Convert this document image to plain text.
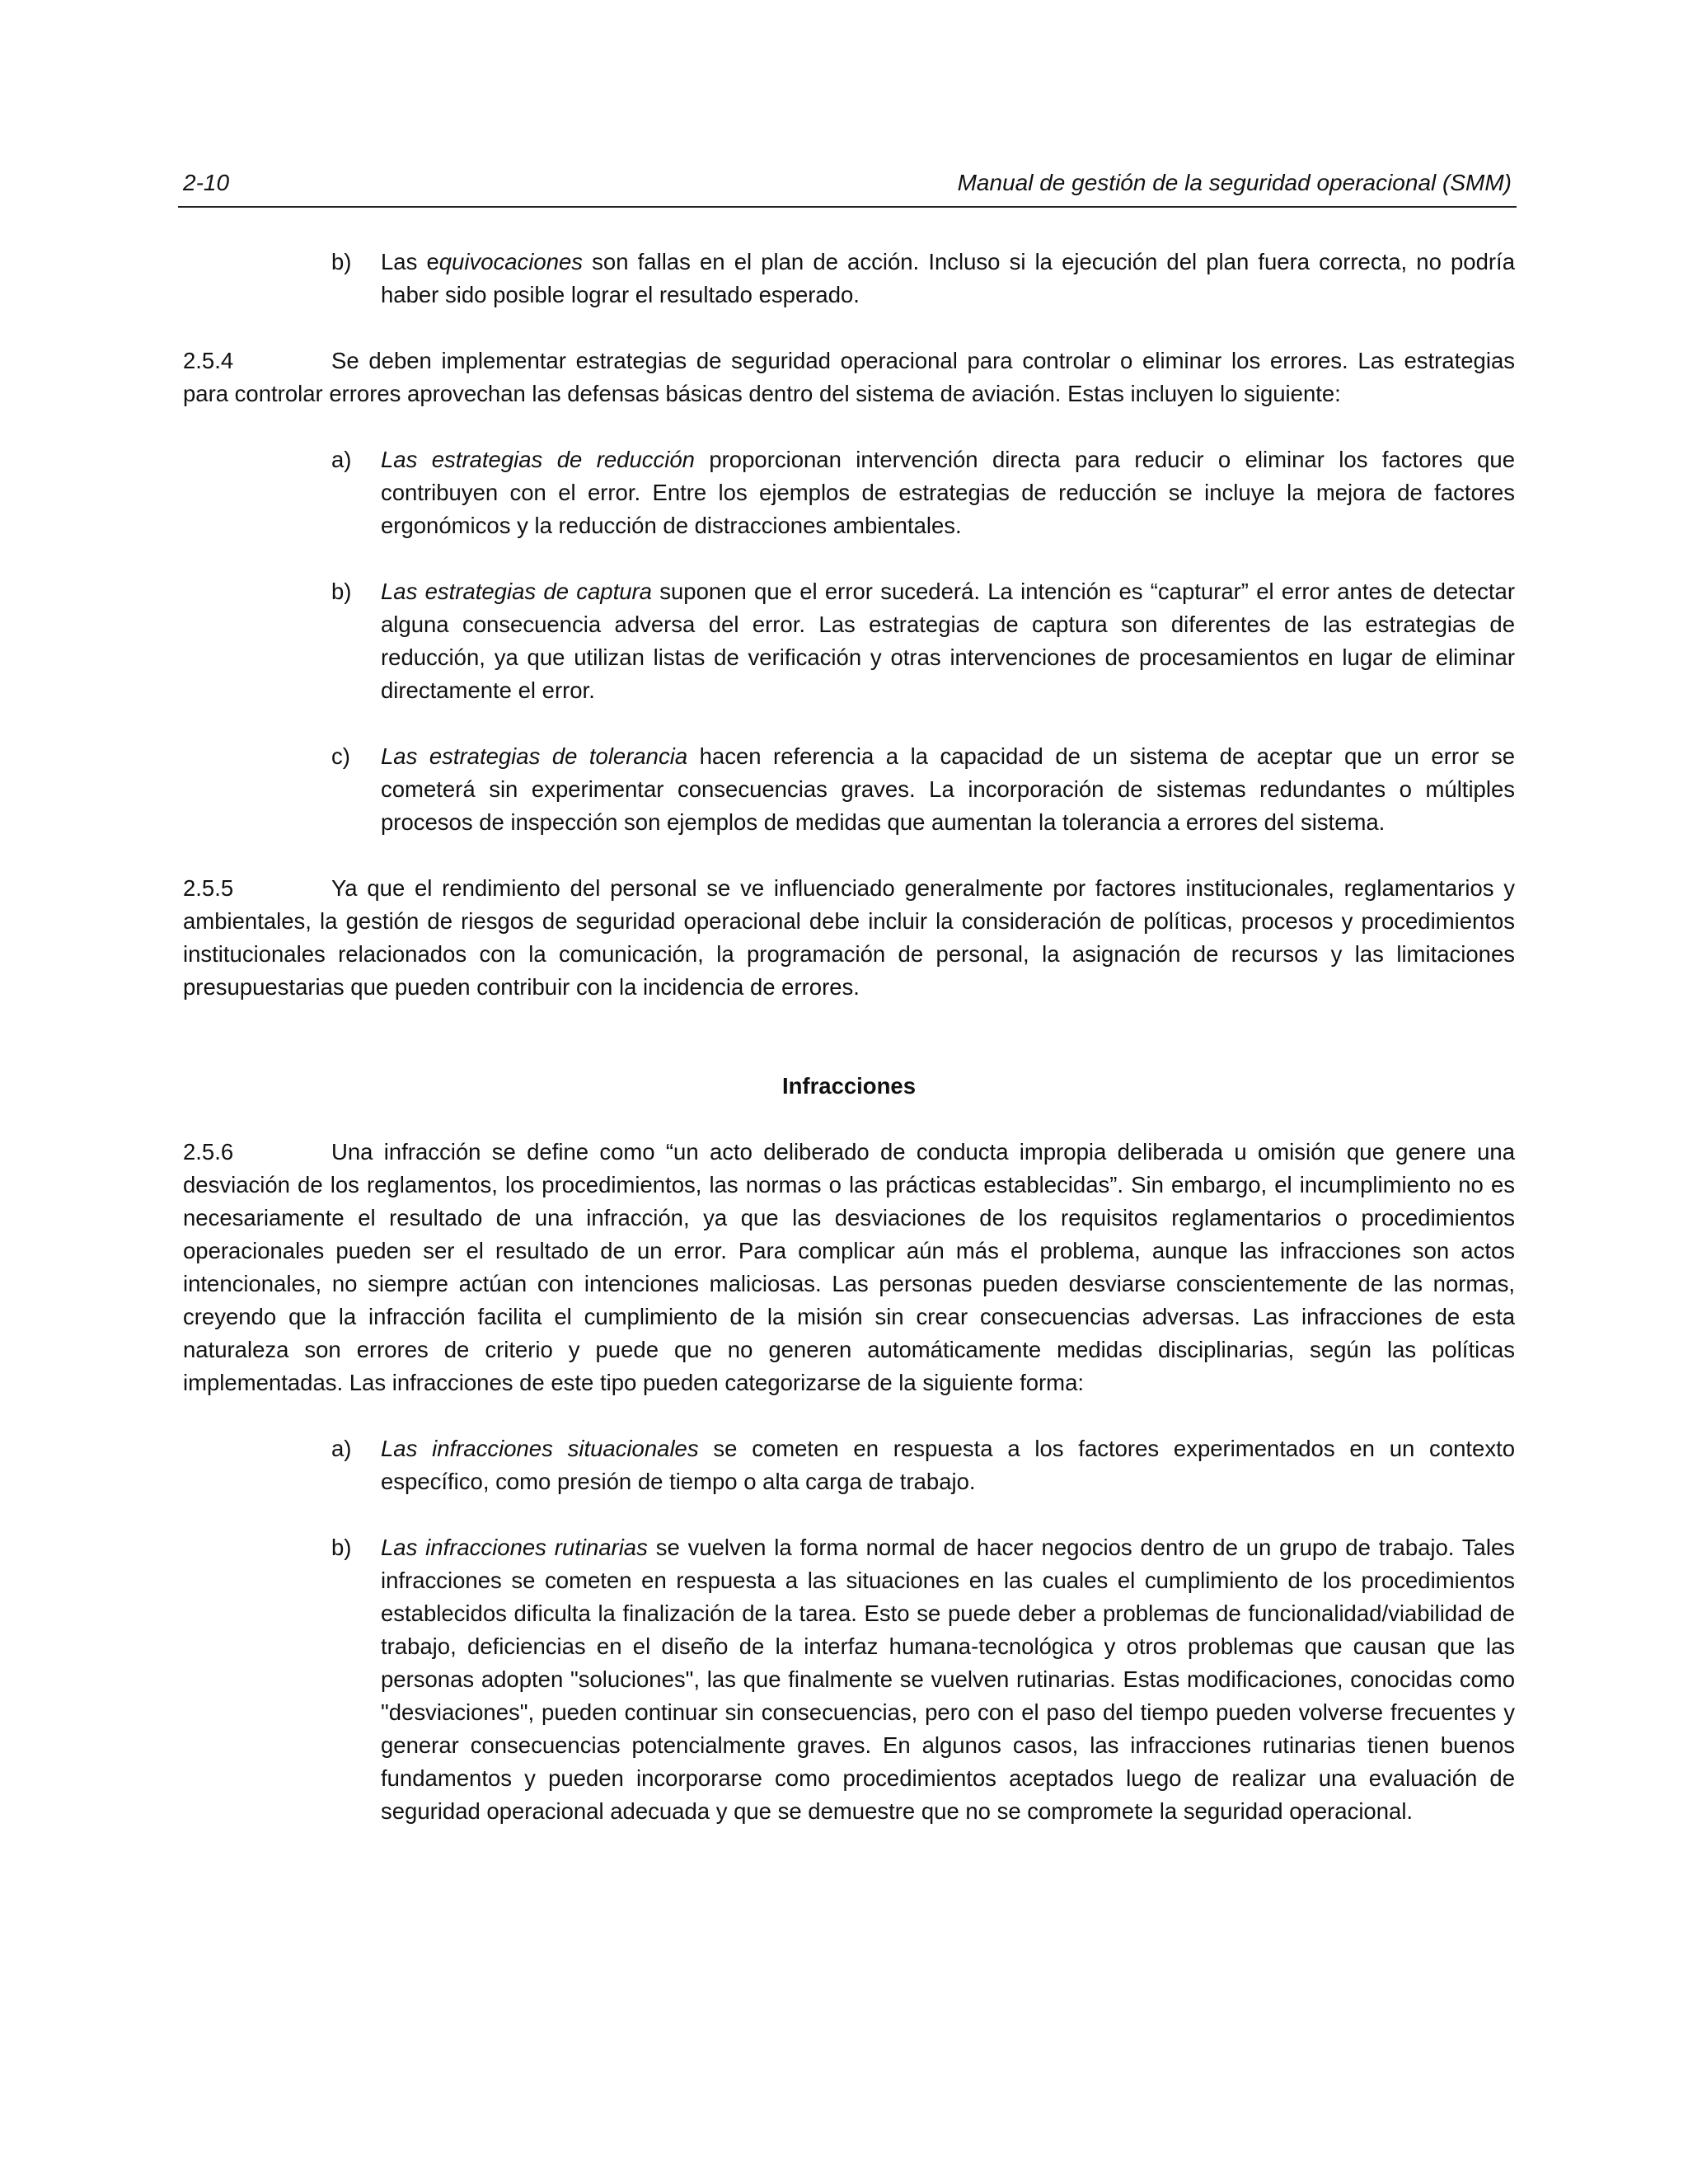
2-10	Manual de gestión de la seguridad operacional (SMM)
b) Las equivocaciones son fallas en el plan de acción. Incluso si la ejecución del plan fuera correcta, no podría haber sido posible lograr el resultado esperado.

2.5.4	Se deben implementar estrategias de seguridad operacional para controlar o eliminar los errores. Las estrategias para controlar errores aprovechan las defensas básicas dentro del sistema de aviación. Estas incluyen lo siguiente:

a) Las estrategias de reducción proporcionan intervención directa para reducir o eliminar los factores que contribuyen con el error. Entre los ejemplos de estrategias de reducción se incluye la mejora de factores ergonómicos y la reducción de distracciones ambientales.
b) Las estrategias de captura suponen que el error sucederá. La intención es “capturar” el error antes de detectar alguna consecuencia adversa del error. Las estrategias de captura son diferentes de las estrategias de reducción, ya que utilizan listas de verificación y otras intervenciones de procesamientos en lugar de eliminar directamente el error.
c) Las estrategias de tolerancia hacen referencia a la capacidad de un sistema de aceptar que un error se cometerá sin experimentar consecuencias graves. La incorporación de sistemas redundantes o múltiples procesos de inspección son ejemplos de medidas que aumentan la tolerancia a errores del sistema.

2.5.5	Ya que el rendimiento del personal se ve influenciado generalmente por factores institucionales, reglamentarios y ambientales, la gestión de riesgos de seguridad operacional debe incluir la consideración de políticas, procesos y procedimientos institucionales relacionados con la comunicación, la programación de personal, la asignación de recursos y las limitaciones presupuestarias que pueden contribuir con la incidencia de errores.

Infracciones

2.5.6	Una infracción se define como “un acto deliberado de conducta impropia deliberada u omisión que genere una desviación de los reglamentos, los procedimientos, las normas o las prácticas establecidas”. Sin embargo, el incumplimiento no es necesariamente el resultado de una infracción, ya que las desviaciones de los requisitos reglamentarios o procedimientos operacionales pueden ser el resultado de un error. Para complicar aún más el problema, aunque las infracciones son actos intencionales, no siempre actúan con intenciones maliciosas. Las personas pueden desviarse conscientemente de las normas, creyendo que la infracción facilita el cumplimiento de la misión sin crear consecuencias adversas. Las infracciones de esta naturaleza son errores de criterio y puede que no generen automáticamente medidas disciplinarias, según las políticas implementadas. Las infracciones de este tipo pueden categorizarse de la siguiente forma:

a) Las infracciones situacionales se cometen en respuesta a los factores experimentados en un contexto específico, como presión de tiempo o alta carga de trabajo.
b) Las infracciones rutinarias se vuelven la forma normal de hacer negocios dentro de un grupo de trabajo. Tales infracciones se cometen en respuesta a las situaciones en las cuales el cumplimiento de los procedimientos establecidos dificulta la finalización de la tarea. Esto se puede deber a problemas de funcionalidad/viabilidad de trabajo, deficiencias en el diseño de la interfaz humana-tecnológica y otros problemas que causan que las personas adopten "soluciones", las que finalmente se vuelven rutinarias. Estas modificaciones, conocidas como "desviaciones", pueden continuar sin consecuencias, pero con el paso del tiempo pueden volverse frecuentes y generar consecuencias potencialmente graves. En algunos casos, las infracciones rutinarias tienen buenos fundamentos y pueden incorporarse como procedimientos aceptados luego de realizar una evaluación de seguridad operacional adecuada y que se demuestre que no se compromete la seguridad operacional.
